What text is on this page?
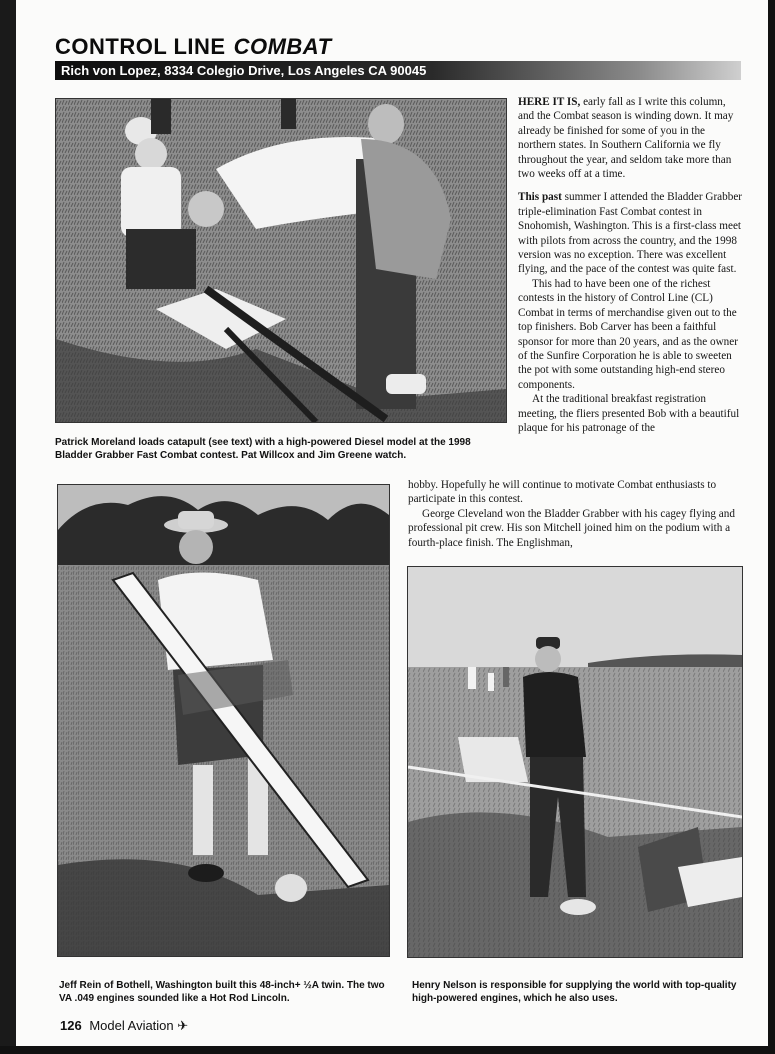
CONTROL LINE COMBAT
Rich von Lopez, 8334 Colegio Drive, Los Angeles CA 90045

Patrick Moreland loads catapult (see text) with a high-powered Diesel model at the 1998 Bladder Grabber Fast Combat contest. Pat Willcox and Jim Greene watch.

HERE IT IS, early fall as I write this column, and the Combat season is winding down. It may already be finished for some of you in the northern states. In Southern California we fly throughout the year, and seldom take more than two weeks off at a time.

This past summer I attended the Bladder Grabber triple-elimination Fast Combat contest in Snohomish, Washington. This is a first-class meet with pilots from across the country, and the 1998 version was no exception. There was excellent flying, and the pace of the contest was quite fast.

This had to have been one of the richest contests in the history of Control Line (CL) Combat in terms of merchandise given out to the top finishers. Bob Carver has been a faithful sponsor for more than 20 years, and as the owner of the Sunfire Corporation he is able to sweeten the pot with some outstanding high-end stereo components.

At the traditional breakfast registration meeting, the fliers presented Bob with a beautiful plaque for his patronage of the

hobby. Hopefully he will continue to motivate Combat enthusiasts to participate in this contest.

George Cleveland won the Bladder Grabber with his cagey flying and professional pit crew. His son Mitchell joined him on the podium with a fourth-place finish. The Englishman,

Jeff Rein of Bothell, Washington built this 48-inch+ ½A twin. The two VA .049 engines sounded like a Hot Rod Lincoln.

Henry Nelson is responsible for supplying the world with top-quality high-powered engines, which he also uses.

126 Model Aviation ✈
